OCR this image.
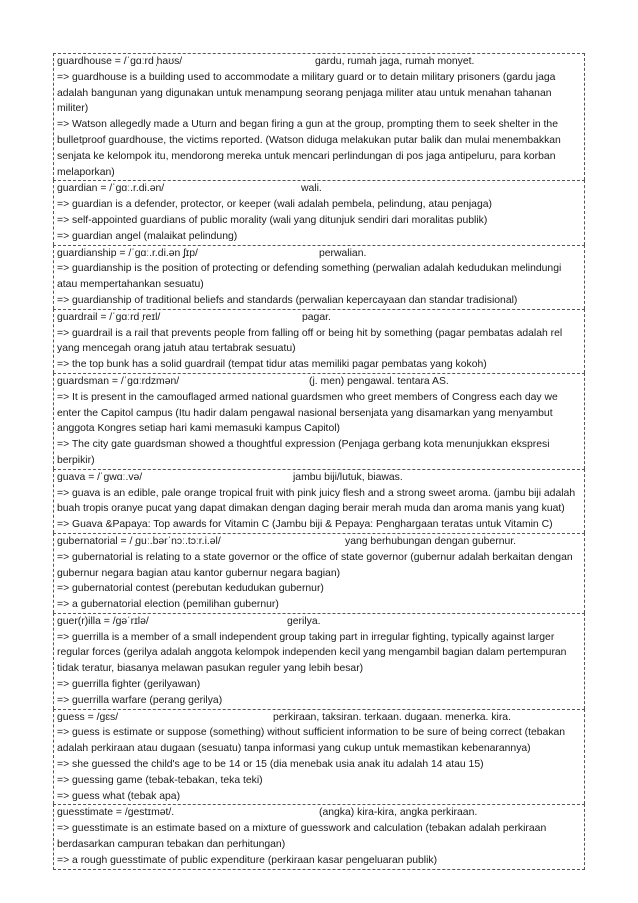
guardhouse = /ˈɡɑːrd ̩haʊs/	gardu, rumah jaga, rumah monyet.
=> guardhouse is a building used to accommodate a military guard or to detain military prisoners (gardu jaga adalah bangunan yang digunakan untuk menampung seorang penjaga militer atau untuk menahan tahanan militer)
=> Watson allegedly made a Uturn and began firing a gun at the group, prompting them to seek shelter in the bulletproof guardhouse, the victims reported. (Watson diduga melakukan putar balik dan mulai menembakkan senjata ke kelompok itu, mendorong mereka untuk mencari perlindungan di pos jaga antipeluru, para korban melaporkan)
guardian = /ˈɡɑː.r.di.ən/	wali.
=> guardian is a defender, protector, or keeper (wali adalah pembela, pelindung, atau penjaga)
=> self-appointed guardians of public morality (wali yang ditunjuk sendiri dari moralitas publik)
=> guardian angel (malaikat pelindung)
guardianship = /ˈɡɑː.r.di.ən ̩ʃɪp/	perwalian.
=> guardianship is the position of protecting or defending something (perwalian adalah kedudukan melindungi atau mempertahankan sesuatu)
=> guardianship of traditional beliefs and standards (perwalian kepercayaan dan standar tradisional)
guardrail = /ˈɡɑːrd ̩reɪl/	pagar.
=> guardrail is a rail that prevents people from falling off or being hit by something (pagar pembatas adalah rel yang mencegah orang jatuh atau tertabrak sesuatu)
=> the top bunk has a solid guardrail (tempat tidur atas memiliki pagar pembatas yang kokoh)
guardsman = /ˈɡɑːrdzmən/	(j. men) pengawal. tentara AS.
=> It is present in the camouflaged armed national guardsmen who greet members of Congress each day we enter the Capitol campus (Itu hadir dalam pengawal nasional bersenjata yang disamarkan yang menyambut anggota Kongres setiap hari kami memasuki kampus Capitol)
=> The city gate guardsman showed a thoughtful expression (Penjaga gerbang kota menunjukkan ekspresi berpikir)
guava = /ˈɡwɑː.və/	jambu biji/lutuk, biawas.
=> guava is an edible, pale orange tropical fruit with pink juicy flesh and a strong sweet aroma. (jambu biji adalah buah tropis oranye pucat yang dapat dimakan dengan daging berair merah muda dan aroma manis yang kuat)
=> Guava &Papaya: Top awards for Vitamin C (Jambu biji & Pepaya: Penghargaan teratas untuk Vitamin C)
gubernatorial = / ̩ɡuː.bərˈnɔː.tɔːr.i.əl/	yang berhubungan dengan gubernur.
=> gubernatorial is relating to a state governor or the office of state governor (gubernur adalah berkaitan dengan gubernur negara bagian atau kantor gubernur negara bagian)
=> gubernatorial contest (perebutan kedudukan gubernur)
=> a gubernatorial election (pemilihan gubernur)
guer(r)illa = /ɡəˈrɪlə/	gerilya.
=> guerrilla is a member of a small independent group taking part in irregular fighting, typically against larger regular forces (gerilya adalah anggota kelompok independen kecil yang mengambil bagian dalam pertempuran tidak teratur, biasanya melawan pasukan reguler yang lebih besar)
=> guerrilla fighter (gerilyawan)
=> guerrilla warfare (perang gerilya)
guess = /ɡɛs/	perkiraan, taksiran. terkaan. dugaan. menerka. kira.
=> guess is estimate or suppose (something) without sufficient information to be sure of being correct (tebakan adalah perkiraan atau dugaan (sesuatu) tanpa informasi yang cukup untuk memastikan kebenarannya)
=> she guessed the child's age to be 14 or 15 (dia menebak usia anak itu adalah 14 atau 15)
=> guessing game (tebak-tebakan, teka teki)
=> guess what (tebak apa)
guesstimate = /ɡestɪmət/.	(angka) kira-kira, angka perkiraan.
=> guesstimate is an estimate based on a mixture of guesswork and calculation (tebakan adalah perkiraan berdasarkan campuran tebakan dan perhitungan)
=> a rough guesstimate of public expenditure (perkiraan kasar pengeluaran publik)
